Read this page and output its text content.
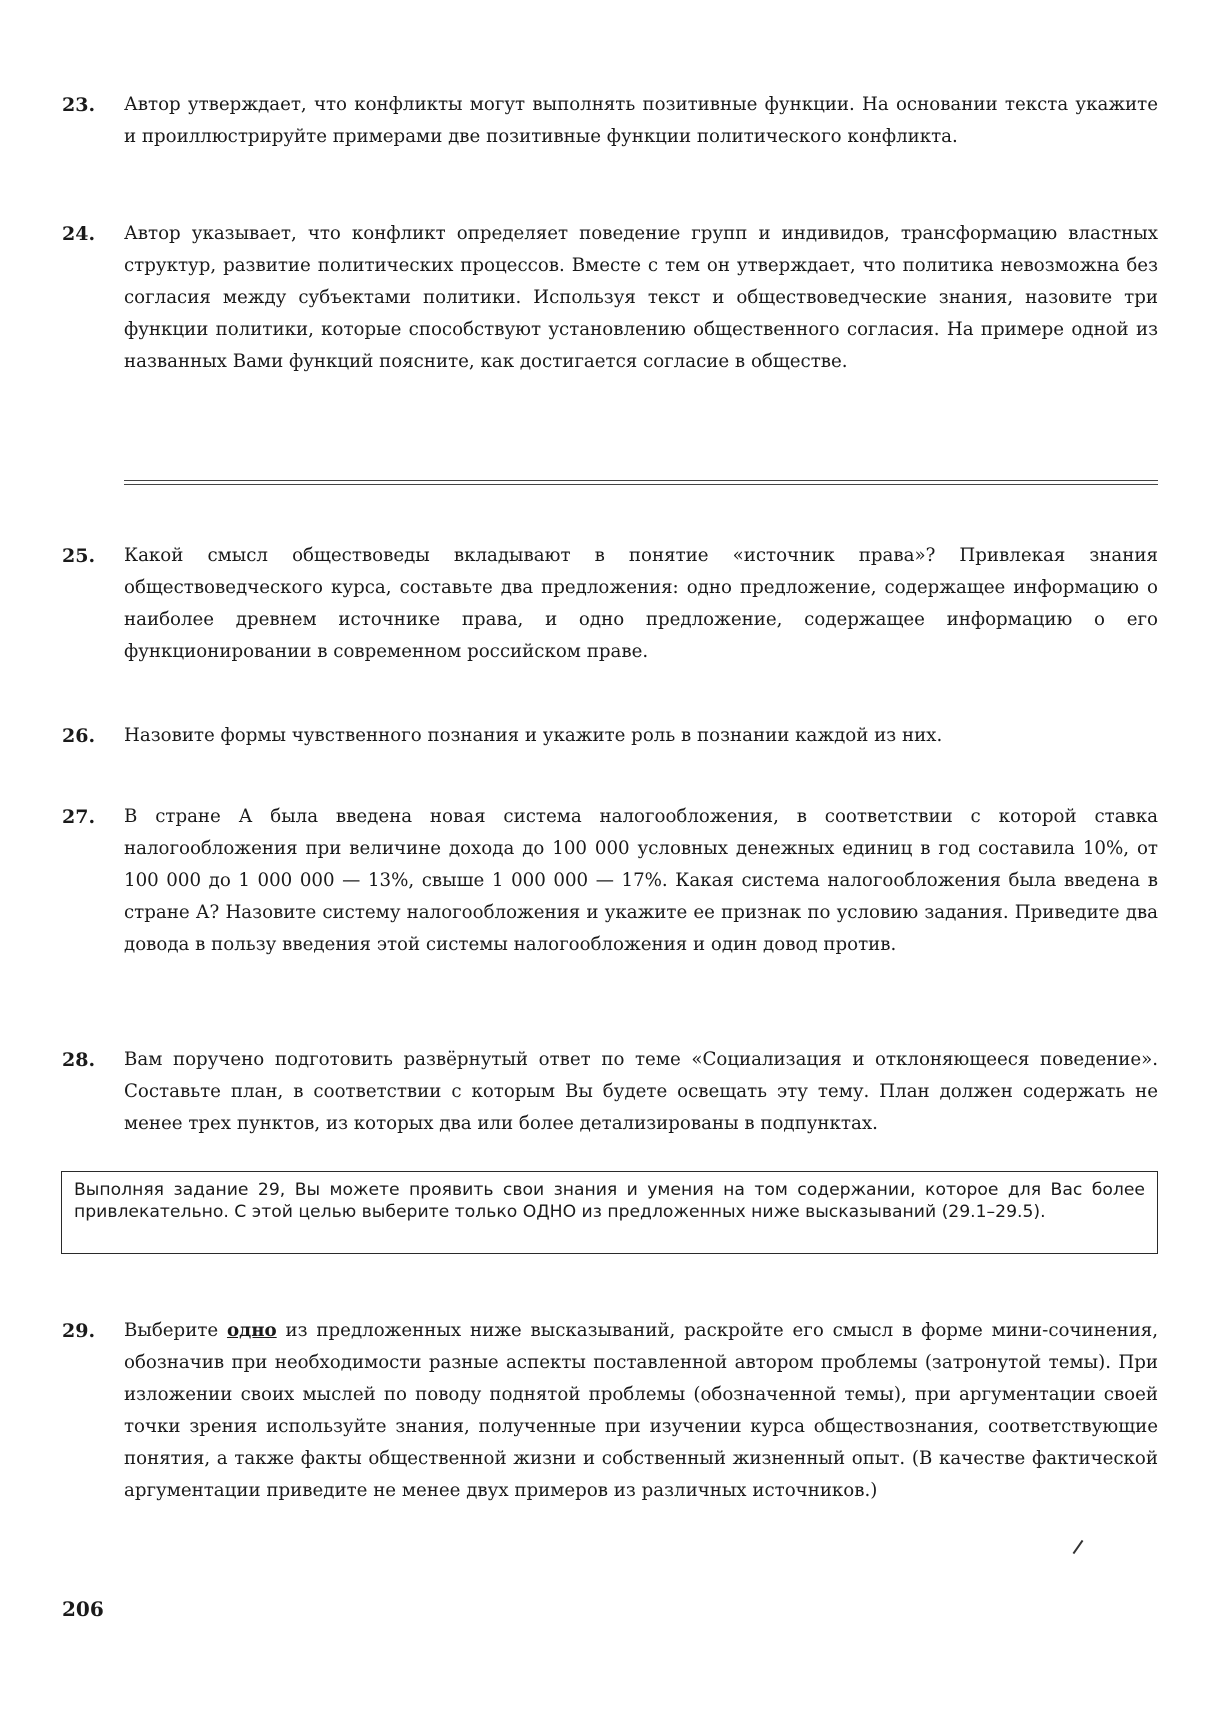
23.	Автор утверждает, что конфликты могут выполнять позитивные функции. На основании текста укажите и проиллюстрируйте примерами две позитивные функции политического конфликта.
24.	Автор указывает, что конфликт определяет поведение групп и индивидов, трансформацию властных структур, развитие политических процессов. Вместе с тем он утверждает, что политика невозможна без согласия между субъектами политики. Используя текст и обществоведческие знания, назовите три функции политики, которые способствуют установлению общественного согласия. На примере одной из названных Вами функций поясните, как достигается согласие в обществе.
25.	Какой смысл обществоведы вкладывают в понятие «источник права»? Привлекая знания обществоведческого курса, составьте два предложения: одно предложение, содержащее информацию о наиболее древнем источнике права, и одно предложение, содержащее информацию о его функционировании в современном российском праве.
26.	Назовите формы чувственного познания и укажите роль в познании каждой из них.
27.	В стране А была введена новая система налогообложения, в соответствии с которой ставка налогообложения при величине дохода до 100 000 условных денежных единиц в год составила 10%, от 100 000 до 1 000 000 — 13%, свыше 1 000 000 — 17%. Какая система налогообложения была введена в стране А? Назовите систему налогообложения и укажите ее признак по условию задания. Приведите два довода в пользу введения этой системы налогообложения и один довод против.
28.	Вам поручено подготовить развёрнутый ответ по теме «Социализация и отклоняющееся поведение». Составьте план, в соответствии с которым Вы будете освещать эту тему. План должен содержать не менее трех пунктов, из которых два или более детализированы в подпунктах.
Выполняя задание 29, Вы можете проявить свои знания и умения на том содержании, которое для Вас более привлекательно. С этой целью выберите только ОДНО из предложенных ниже высказываний (29.1–29.5).
29.	Выберите одно из предложенных ниже высказываний, раскройте его смысл в форме мини-сочинения, обозначив при необходимости разные аспекты поставленной автором проблемы (затронутой темы). При изложении своих мыслей по поводу поднятой проблемы (обозначенной темы), при аргументации своей точки зрения используйте знания, полученные при изучении курса обществознания, соответствующие понятия, а также факты общественной жизни и собственный жизненный опыт. (В качестве фактической аргументации приведите не менее двух примеров из различных источников.)
206
